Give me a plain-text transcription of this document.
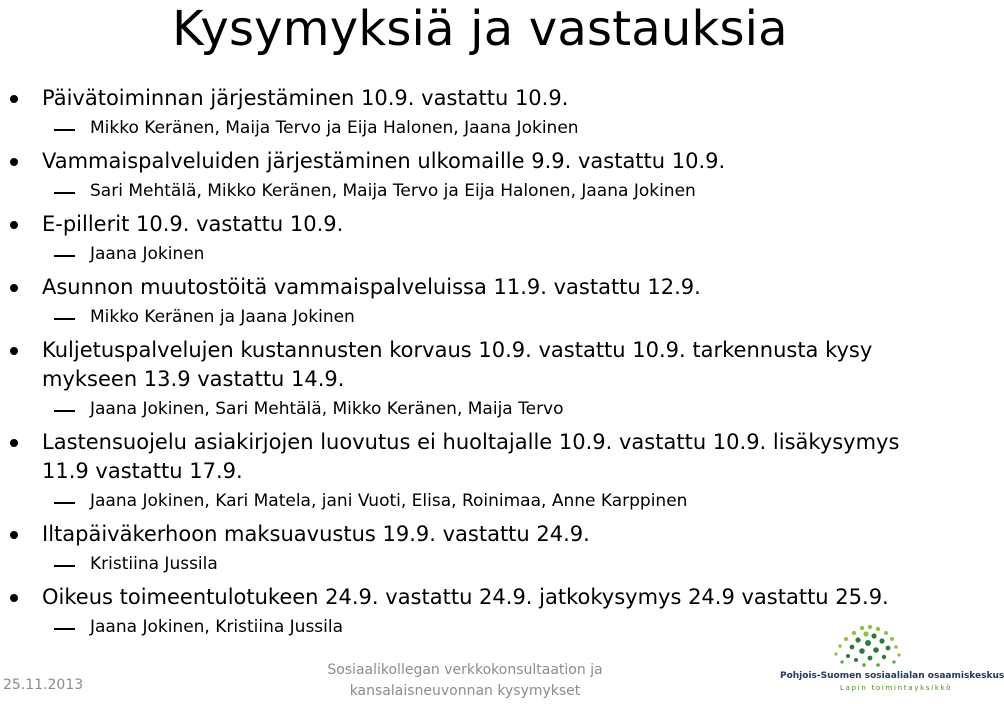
Kysymyksiä ja vastauksia
Päivätoiminnan järjestäminen 10.9. vastattu 10.9.
Mikko Keränen, Maija Tervo ja Eija Halonen, Jaana Jokinen
Vammaispalveluiden järjestäminen ulkomaille 9.9. vastattu 10.9.
Sari Mehtälä, Mikko Keränen, Maija Tervo ja Eija Halonen, Jaana Jokinen
E-pillerit 10.9. vastattu 10.9.
Jaana Jokinen
Asunnon muutostöitä vammaispalveluissa 11.9. vastattu 12.9.
Mikko Keränen ja Jaana Jokinen
Kuljetuspalvelujen kustannusten korvaus 10.9. vastattu 10.9. tarkennusta kysy mykseen 13.9 vastattu 14.9.
Jaana Jokinen, Sari Mehtälä, Mikko Keränen, Maija Tervo
Lastensuojelu asiakirjojen luovutus ei huoltajalle 10.9. vastattu 10.9. lisäkysymys 11.9 vastattu 17.9.
Jaana Jokinen, Kari Matela, jani Vuoti, Elisa, Roinimaa, Anne Karppinen
Iltapäiväkerhoon maksuavustus 19.9. vastattu 24.9.
Kristiina Jussila
Oikeus toimeentulotukeen 24.9. vastattu 24.9. jatkokysymys 24.9 vastattu 25.9.
Jaana Jokinen, Kristiina Jussila
25.11.2013
Sosiaalikollegan verkkokonsultaation ja
kansalaisneuvonnan kysymykset
Pohjois-Suomen sosiaalialan osaamiskeskus
Lapin toimintayksikkö
